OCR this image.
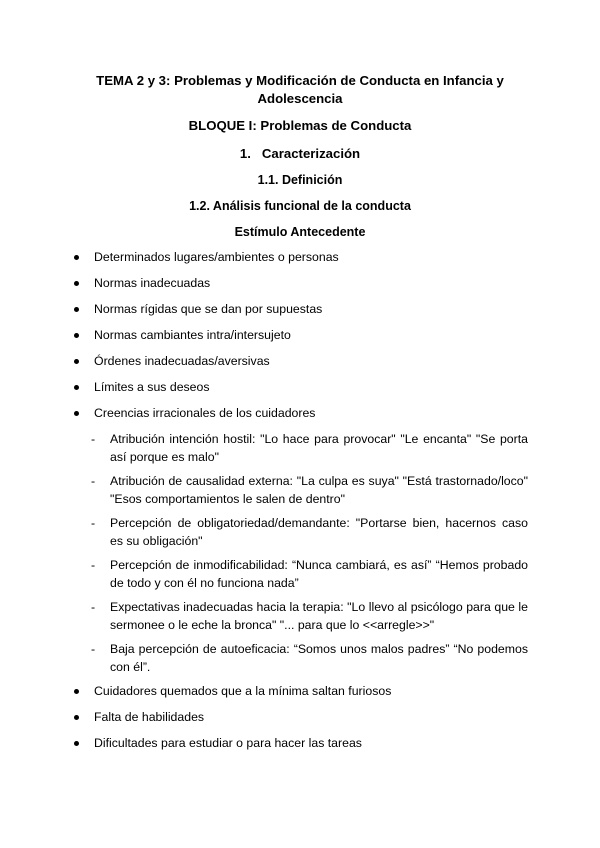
TEMA 2 y 3: Problemas y Modificación de Conducta en Infancia y Adolescencia
BLOQUE I: Problemas de Conducta
1. Caracterización
1.1. Definición
1.2. Análisis funcional de la conducta
Estímulo Antecedente
Determinados lugares/ambientes o personas
Normas inadecuadas
Normas rígidas que se dan por supuestas
Normas cambiantes intra/intersujeto
Órdenes inadecuadas/aversivas
Límites a sus deseos
Creencias irracionales de los cuidadores
- Atribución intención hostil: "Lo hace para provocar" "Le encanta" "Se porta así porque es malo"
- Atribución de causalidad externa: "La culpa es suya" "Está trastornado/loco" "Esos comportamientos le salen de dentro"
- Percepción de obligatoriedad/demandante: "Portarse bien, hacernos caso es su obligación"
- Percepción de inmodificabilidad: “Nunca cambiará, es así” “Hemos probado de todo y con él no funciona nada”
- Expectativas inadecuadas hacia la terapia: "Lo llevo al psicólogo para que le sermonee o le eche la bronca" "... para que lo <<arregle>>"
- Baja percepción de autoeficacia: “Somos unos malos padres” “No podemos con él”.
Cuidadores quemados que a la mínima saltan furiosos
Falta de habilidades
Dificultades para estudiar o para hacer las tareas
